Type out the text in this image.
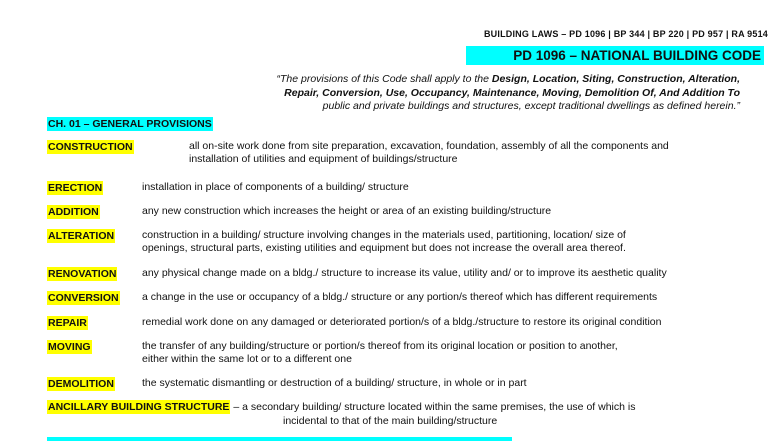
BUILDING LAWS – PD 1096 | BP 344 | BP 220 | PD 957 | RA 9514
PD 1096 – NATIONAL BUILDING CODE
“The provisions of this Code shall apply to the Design, Location, Siting, Construction, Alteration,
Repair, Conversion, Use, Occupancy, Maintenance, Moving, Demolition Of, And Addition To
public and private buildings and structures, except traditional dwellings as defined herein.”
CH. 01 – GENERAL PROVISIONS
CONSTRUCTION	all on-site work done from site preparation, excavation, foundation, assembly of all the components and
installation of utilities and equipment of buildings/structure
ERECTION	installation in place of components of a building/ structure
ADDITION	any new construction which increases the height or area of an existing building/structure
ALTERATION	construction in a building/ structure involving changes in the materials used, partitioning, location/ size of
openings, structural parts, existing utilities and equipment but does not increase the overall area thereof.
RENOVATION any physical change made on a bldg./ structure to increase its value, utility and/ or to improve its aesthetic quality
CONVERSION a change in the use or occupancy of a bldg./ structure or any portion/s thereof which has different requirements
REPAIR	remedial work done on any damaged or deteriorated portion/s of a bldg./structure to restore its original condition
MOVING	the transfer of any building/structure or portion/s thereof from its original location or position to another,
either within the same lot or to a different one
DEMOLITION	the systematic dismantling or destruction of a building/ structure, in whole or in part
ANCILLARY BUILDING STRUCTURE – a secondary building/ structure located within the same premises, the use of which is
incidental to that of the main building/structure
